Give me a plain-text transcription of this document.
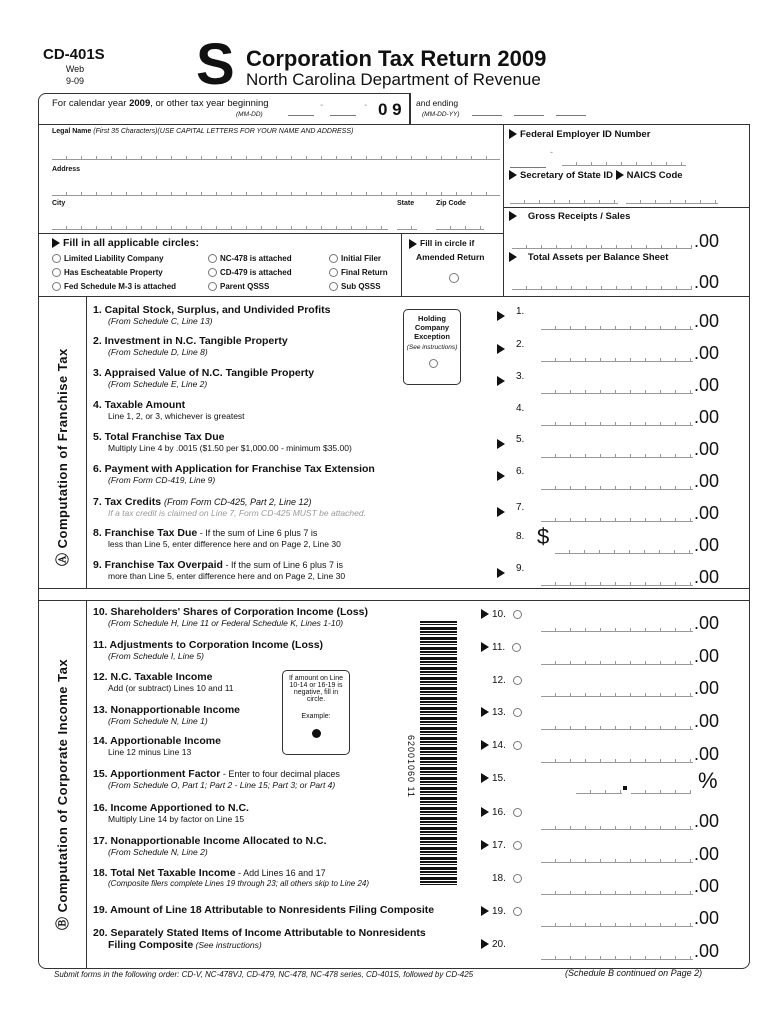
CD-401S
Web
9-09 S Corporation Tax Return 2009
North Carolina Department of Revenue
For calendar year 2009, or other tax year beginning
(MM-DD)
-	- 0 9 and ending
(MM-DD-YY)
Legal Name (First 35 Characters)(USE CAPITAL LETTERS FOR YOUR NAME AND ADDRESS)
Address
City	State	Zip Code
Federal Employer ID Number
-
Secretary of State ID NAICS Code
Gross Receipts / Sales
.00
Total Assets per Balance Sheet
.00
Fill in all applicable circles:
Limited Liability Company	NC-478 is attached	Initial Filer
Has Escheatable Property	CD-479 is attached	Final Return
Fed Schedule M-3 is attached	Parent QSSS	Sub QSSS
Fill in circle if
Amended Return
Ⓐ Computation of Franchise Tax
Holding
Company
Exception
(See instructions)
1. Capital Stock, Surplus, and Undivided Profits
(From Schedule C, Line 13)
2. Investment in N.C. Tangible Property
(From Schedule D, Line 8)
3. Appraised Value of N.C. Tangible Property
(From Schedule E, Line 2)
4. Taxable Amount
Line 1, 2, or 3, whichever is greatest
5. Total Franchise Tax Due
Multiply Line 4 by .0015 ($1.50 per $1,000.00 - minimum $35.00)
6. Payment with Application for Franchise Tax Extension
(From Form CD-419, Line 9)
7. Tax Credits (From Form CD-425, Part 2, Line 12)
If a tax credit is claimed on Line 7, Form CD-425 MUST be attached.
8. Franchise Tax Due - If the sum of Line 6 plus 7 is
less than Line 5, enter difference here and on Page 2, Line 30
9. Franchise Tax Overpaid - If the sum of Line 6 plus 7 is
more than Line 5, enter difference here and on Page 2, Line 30
1.	.00
2.	.00
3.	.00
4.	.00
5.	.00
6.	.00
7.	.00
8. $	.00
9.	.00
Ⓑ Computation of Corporate Income Tax
10. Shareholders' Shares of Corporation Income (Loss)
(From Schedule H, Line 11 or Federal Schedule K, Lines 1-10)
11. Adjustments to Corporation Income (Loss)
(From Schedule I, Line 5)
12. N.C. Taxable Income
Add (or subtract) Lines 10 and 11
13. Nonapportionable Income
(From Schedule N, Line 1)
14. Apportionable Income
Line 12 minus Line 13
15. Apportionment Factor - Enter to four decimal places
(From Schedule O, Part 1; Part 2 - Line 15; Part 3; or Part 4)
16. Income Apportioned to N.C.
Multiply Line 14 by factor on Line 15
17. Nonapportionable Income Allocated to N.C.
(From Schedule N, Line 2)
18. Total Net Taxable Income - Add Lines 16 and 17
(Composite filers complete Lines 19 through 23; all others skip to Line 24)
19. Amount of Line 18 Attributable to Nonresidents Filing Composite
20. Separately Stated Items of Income Attributable to Nonresidents
Filing Composite (See instructions)
If amount on Line 10-14 or 16-19 is negative, fill in circle.
Example:
62001060 11
10.	.00
11.	.00
12.	.00
13.	.00
14.	.00
15.	%
16.	.00
17.	.00
18.	.00
19.	.00
20.	.00
Submit forms in the following order: CD-V, NC-478VJ, CD-479, NC-478, NC-478 series, CD-401S, followed by CD-425	(Schedule B continued on Page 2)
